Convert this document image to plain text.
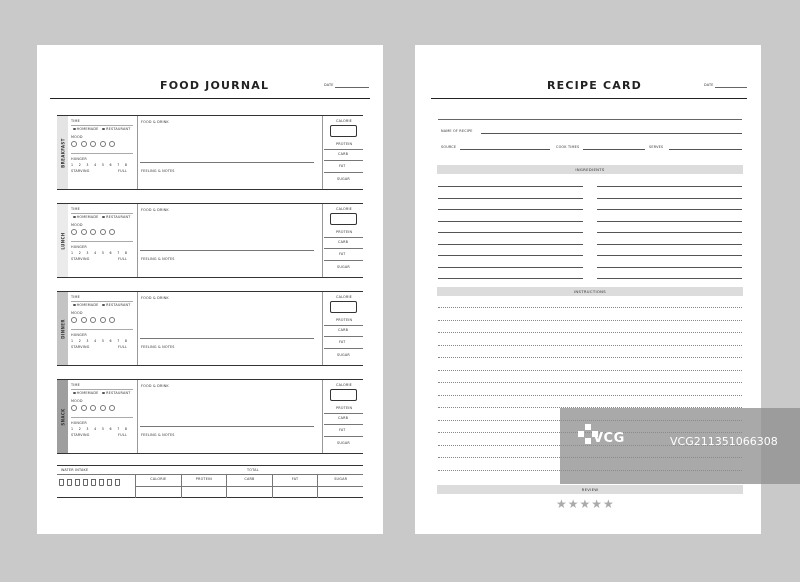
FOOD JOURNAL	DATE
BREAKFAST
TIME
HOMEMADE	RESTAURANT
MOOD
HUNGER
1 2 3 4 5 6 7 8
STARVING	FULL
FOOD & DRINK
FEELING & NOTES
CALORIE
PROTEIN
CARB
FAT
SUGAR
LUNCH
TIME
HOMEMADE	RESTAURANT
MOOD
HUNGER
1 2 3 4 5 6 7 8
STARVING	FULL
FOOD & DRINK
FEELING & NOTES
CALORIE
PROTEIN
CARB
FAT
SUGAR
DINNER
TIME
HOMEMADE	RESTAURANT
MOOD
HUNGER
1 2 3 4 5 6 7 8
STARVING	FULL
FOOD & DRINK
FEELING & NOTES
CALORIE
PROTEIN
CARB
FAT
SUGAR
SNACK
TIME
HOMEMADE	RESTAURANT
MOOD
HUNGER
1 2 3 4 5 6 7 8
STARVING	FULL
FOOD & DRINK
FEELING & NOTES
CALORIE
PROTEIN
CARB
FAT
SUGAR
WATER INTAKE	TOTAL
CALORIE	PROTEIN	CARB	FAT	SUGAR
RECIPE CARD	DATE
NAME OF RECIPE
SOURCE	COOK TIMES	SERVES
INGREDIENTS
INSTRUCTIONS
REVIEW
★★★★★
VCG	VCG211351066308
